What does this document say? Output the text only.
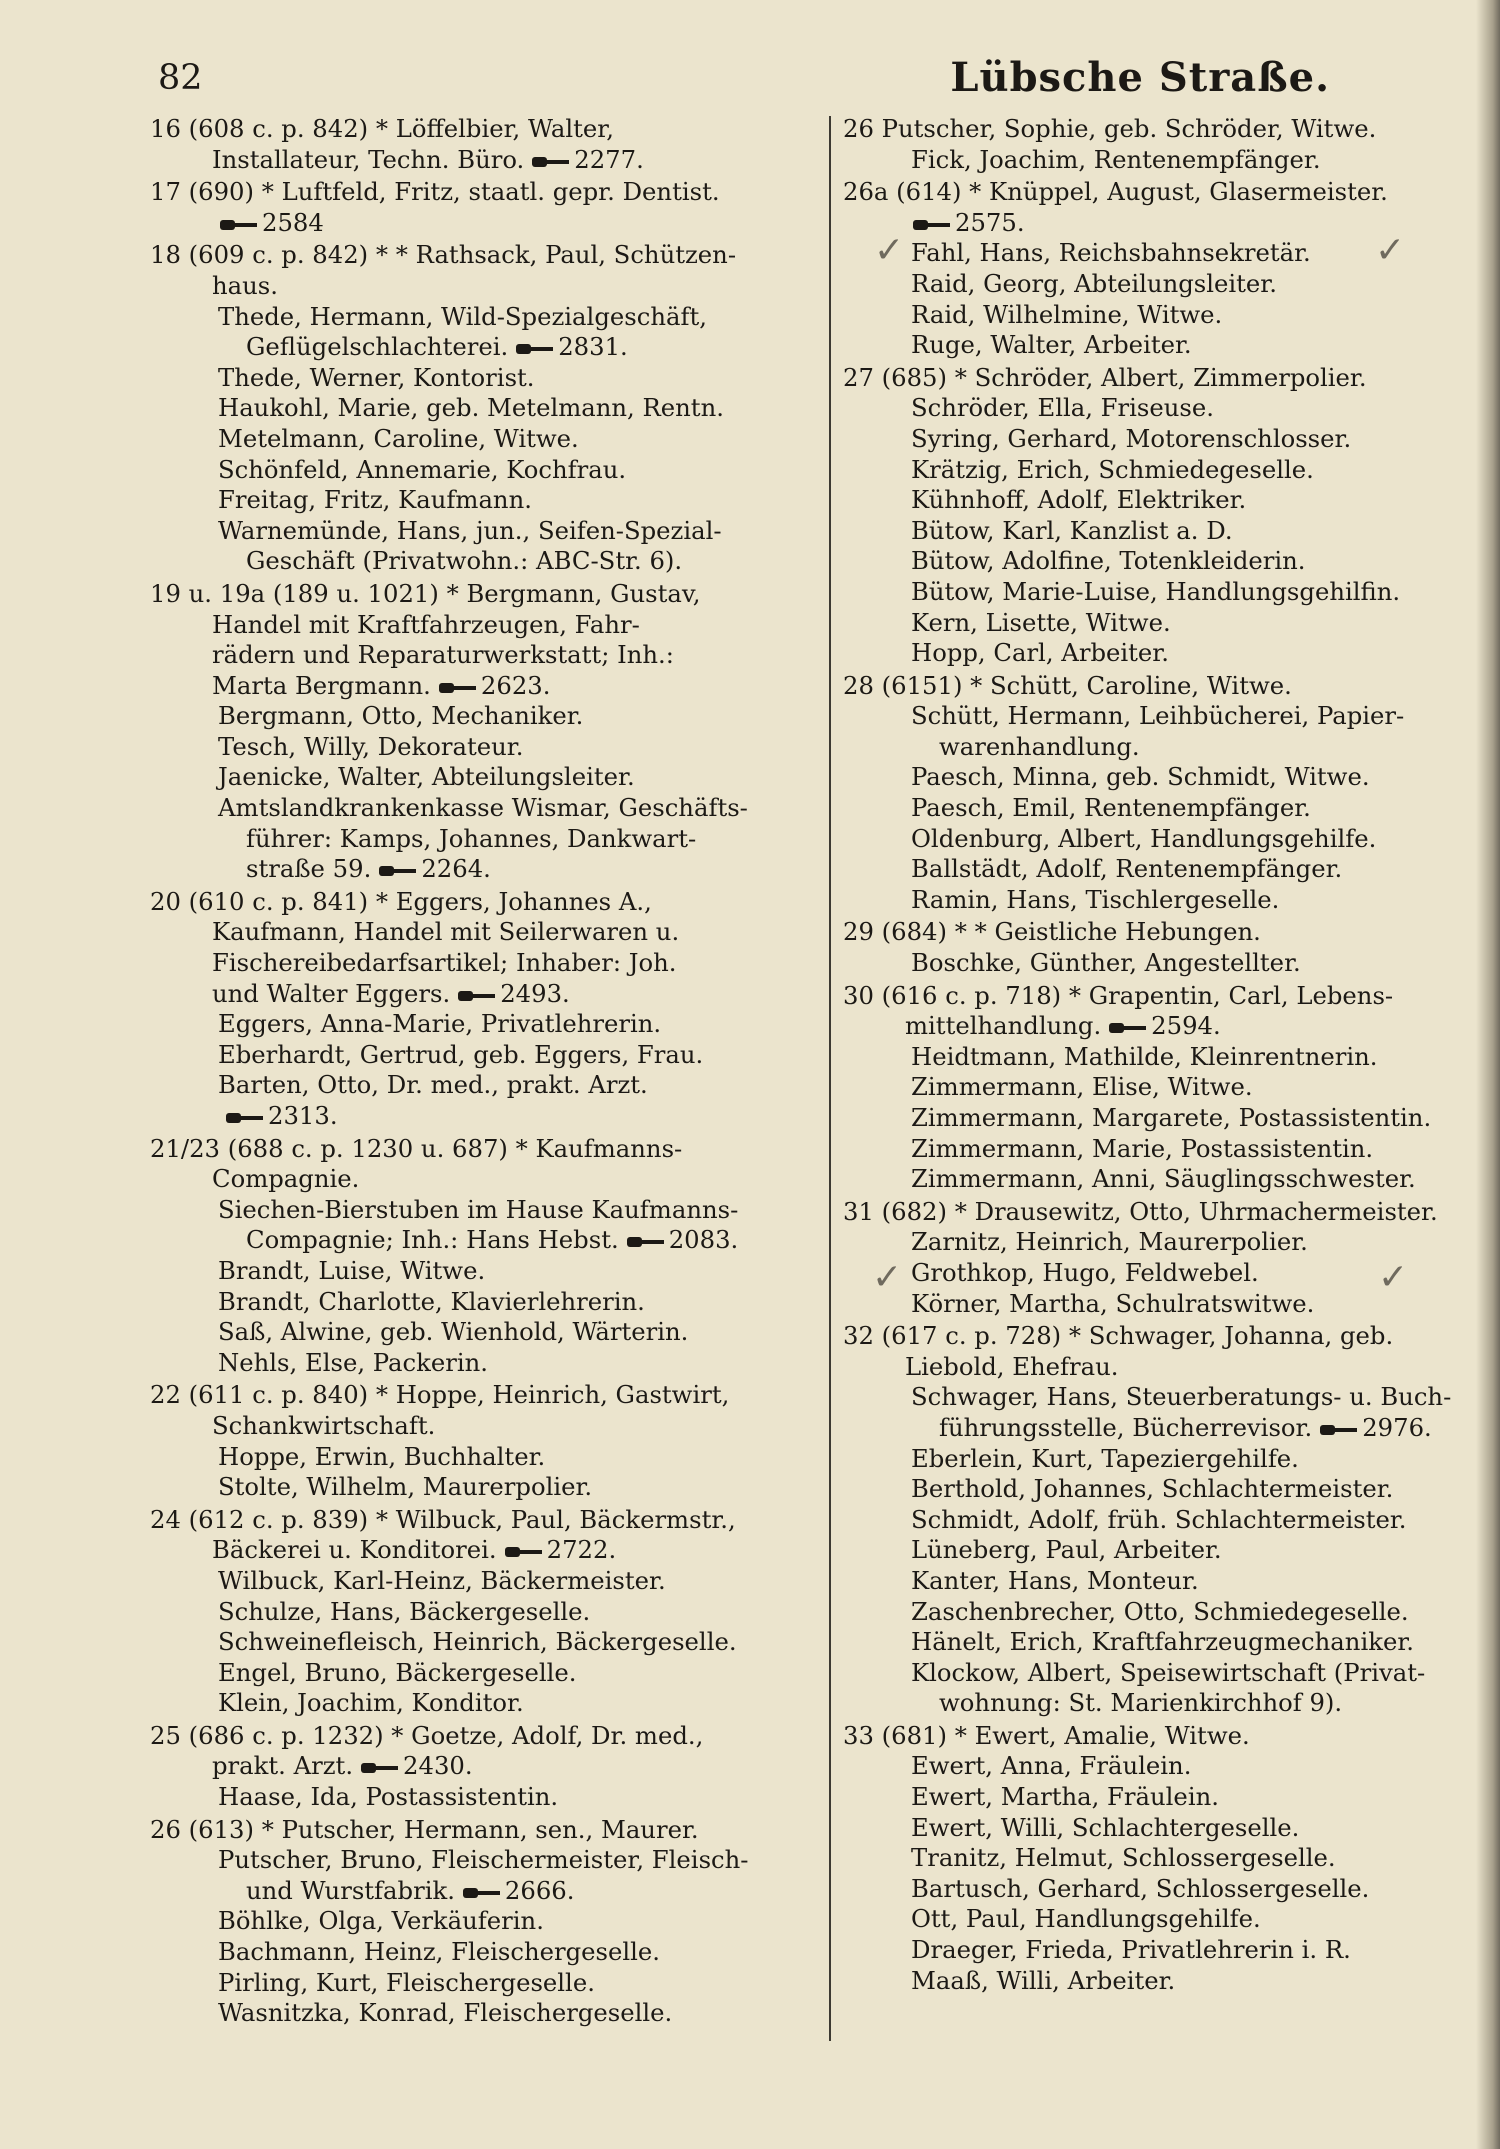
82	Lübsche Straße.
16 (608 c. p. 842) * Löffelbier, Walter,
Installateur, Techn. Büro. 2277.
17 (690) * Luftfeld, Fritz, staatl. gepr. Dentist.
2584
18 (609 c. p. 842) * * Rathsack, Paul, Schützen-
haus.
Thede, Hermann, Wild-Spezialgeschäft,
Geflügelschlachterei. 2831.
Thede, Werner, Kontorist.
Haukohl, Marie, geb. Metelmann, Rentn.
Metelmann, Caroline, Witwe.
Schönfeld, Annemarie, Kochfrau.
Freitag, Fritz, Kaufmann.
Warnemünde, Hans, jun., Seifen-Spezial-
Geschäft (Privatwohn.: ABC-Str. 6).
19 u. 19a (189 u. 1021) * Bergmann, Gustav,
Handel mit Kraftfahrzeugen, Fahr-
rädern und Reparaturwerkstatt; Inh.:
Marta Bergmann. 2623.
Bergmann, Otto, Mechaniker.
Tesch, Willy, Dekorateur.
Jaenicke, Walter, Abteilungsleiter.
Amtslandkrankenkasse Wismar, Geschäfts-
führer: Kamps, Johannes, Dankwart-
straße 59. 2264.
20 (610 c. p. 841) * Eggers, Johannes A.,
Kaufmann, Handel mit Seilerwaren u.
Fischereibedarfsartikel; Inhaber: Joh.
und Walter Eggers. 2493.
Eggers, Anna-Marie, Privatlehrerin.
Eberhardt, Gertrud, geb. Eggers, Frau.
Barten, Otto, Dr. med., prakt. Arzt.
2313.
21/23 (688 c. p. 1230 u. 687) * Kaufmanns-
Compagnie.
Siechen-Bierstuben im Hause Kaufmanns-
Compagnie; Inh.: Hans Hebst. 2083.
Brandt, Luise, Witwe.
Brandt, Charlotte, Klavierlehrerin.
Saß, Alwine, geb. Wienhold, Wärterin.
Nehls, Else, Packerin.
22 (611 c. p. 840) * Hoppe, Heinrich, Gastwirt,
Schankwirtschaft.
Hoppe, Erwin, Buchhalter.
Stolte, Wilhelm, Maurerpolier.
24 (612 c. p. 839) * Wilbuck, Paul, Bäckermstr.,
Bäckerei u. Konditorei. 2722.
Wilbuck, Karl-Heinz, Bäckermeister.
Schulze, Hans, Bäckergeselle.
Schweinefleisch, Heinrich, Bäckergeselle.
Engel, Bruno, Bäckergeselle.
Klein, Joachim, Konditor.
25 (686 c. p. 1232) * Goetze, Adolf, Dr. med.,
prakt. Arzt. 2430.
Haase, Ida, Postassistentin.
26 (613) * Putscher, Hermann, sen., Maurer.
Putscher, Bruno, Fleischermeister, Fleisch-
und Wurstfabrik. 2666.
Böhlke, Olga, Verkäuferin.
Bachmann, Heinz, Fleischergeselle.
Pirling, Kurt, Fleischergeselle.
Wasnitzka, Konrad, Fleischergeselle.
26 Putscher, Sophie, geb. Schröder, Witwe.
Fick, Joachim, Rentenempfänger.
26a (614) * Knüppel, August, Glasermeister.
2575.
Fahl, Hans, Reichsbahnsekretär.
Raid, Georg, Abteilungsleiter.
Raid, Wilhelmine, Witwe.
Ruge, Walter, Arbeiter.
27 (685) * Schröder, Albert, Zimmerpolier.
Schröder, Ella, Friseuse.
Syring, Gerhard, Motorenschlosser.
Krätzig, Erich, Schmiedegeselle.
Kühnhoff, Adolf, Elektriker.
Bütow, Karl, Kanzlist a. D.
Bütow, Adolfine, Totenkleiderin.
Bütow, Marie-Luise, Handlungsgehilfin.
Kern, Lisette, Witwe.
Hopp, Carl, Arbeiter.
28 (6151) * Schütt, Caroline, Witwe.
Schütt, Hermann, Leihbücherei, Papier-
warenhandlung.
Paesch, Minna, geb. Schmidt, Witwe.
Paesch, Emil, Rentenempfänger.
Oldenburg, Albert, Handlungsgehilfe.
Ballstädt, Adolf, Rentenempfänger.
Ramin, Hans, Tischlergeselle.
29 (684) * * Geistliche Hebungen.
Boschke, Günther, Angestellter.
30 (616 c. p. 718) * Grapentin, Carl, Lebens-
mittelhandlung. 2594.
Heidtmann, Mathilde, Kleinrentnerin.
Zimmermann, Elise, Witwe.
Zimmermann, Margarete, Postassistentin.
Zimmermann, Marie, Postassistentin.
Zimmermann, Anni, Säuglingsschwester.
31 (682) * Drausewitz, Otto, Uhrmachermeister.
Zarnitz, Heinrich, Maurerpolier.
Grothkop, Hugo, Feldwebel.
Körner, Martha, Schulratswitwe.
32 (617 c. p. 728) * Schwager, Johanna, geb.
Liebold, Ehefrau.
Schwager, Hans, Steuerberatungs- u. Buch-
führungsstelle, Bücherrevisor. 2976.
Eberlein, Kurt, Tapeziergehilfe.
Berthold, Johannes, Schlachtermeister.
Schmidt, Adolf, früh. Schlachtermeister.
Lüneberg, Paul, Arbeiter.
Kanter, Hans, Monteur.
Zaschenbrecher, Otto, Schmiedegeselle.
Hänelt, Erich, Kraftfahrzeugmechaniker.
Klockow, Albert, Speisewirtschaft (Privat-
wohnung: St. Marienkirchhof 9).
33 (681) * Ewert, Amalie, Witwe.
Ewert, Anna, Fräulein.
Ewert, Martha, Fräulein.
Ewert, Willi, Schlachtergeselle.
Tranitz, Helmut, Schlossergeselle.
Bartusch, Gerhard, Schlossergeselle.
Ott, Paul, Handlungsgehilfe.
Draeger, Frieda, Privatlehrerin i. R.
Maaß, Willi, Arbeiter.
✓	✓
✓	✓
